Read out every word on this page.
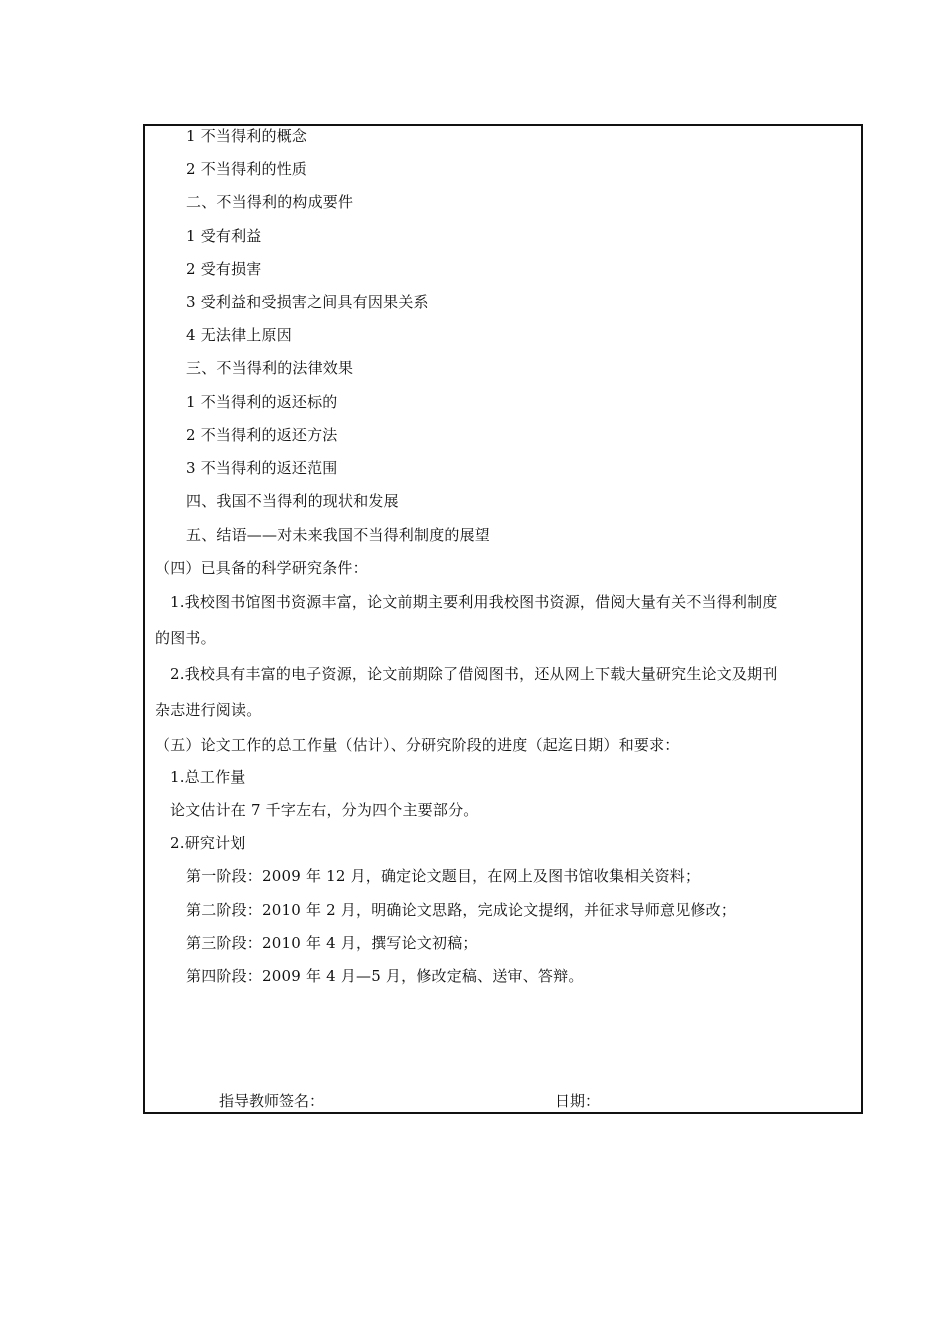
1 不当得利的概念
2 不当得利的性质
二、不当得利的构成要件
1 受有利益
2 受有损害
3 受利益和受损害之间具有因果关系
4 无法律上原因
三、不当得利的法律效果
1 不当得利的返还标的
2 不当得利的返还方法
3 不当得利的返还范围
四、我国不当得利的现状和发展
五、结语——对未来我国不当得利制度的展望
（四）已具备的科学研究条件：
1.我校图书馆图书资源丰富，论文前期主要利用我校图书资源，借阅大量有关不当得利制度
的图书。
2.我校具有丰富的电子资源，论文前期除了借阅图书，还从网上下载大量研究生论文及期刊
杂志进行阅读。
（五）论文工作的总工作量（估计）、分研究阶段的进度（起迄日期）和要求：
1.总工作量
论文估计在 7 千字左右，分为四个主要部分。
2.研究计划
第一阶段：2009 年 12 月，确定论文题目，在网上及图书馆收集相关资料；
第二阶段：2010 年 2 月，明确论文思路，完成论文提纲，并征求导师意见修改；
第三阶段：2010 年 4 月，撰写论文初稿；
第四阶段：2009 年 4 月—5 月，修改定稿、送审、答辩。
指导教师签名：	日期：
